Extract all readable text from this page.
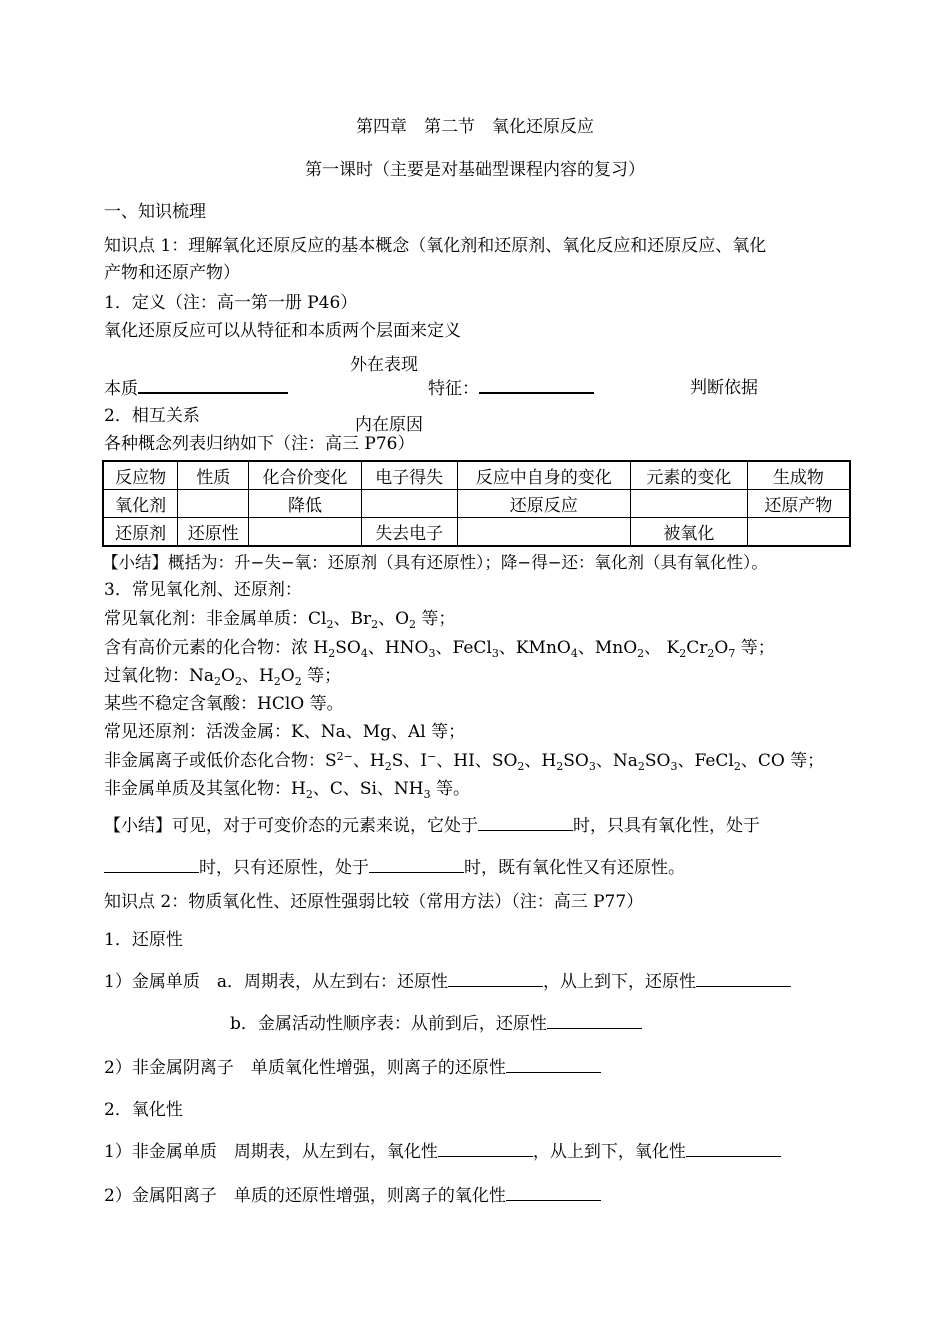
第四章　第二节　氧化还原反应
第一课时（主要是对基础型课程内容的复习）
一、知识梳理
知识点 1：理解氧化还原反应的基本概念（氧化剂和还原剂、氧化反应和还原反应、氧化
产物和还原产物）
1．定义（注：高一第一册 P46）
氧化还原反应可以从特征和本质两个层面来定义
外在表现
本质	特征：	判断依据
2．相互关系	内在原因
各种概念列表归纳如下（注：高三 P76）
反应物	性质	化合价变化	电子得失	反应中自身的变化	元素的变化	生成物
氧化剂		降低		还原反应		还原产物
还原剂	还原性		失去电子		被氧化	
【小结】概括为：升−失−氧：还原剂（具有还原性）；降−得−还：氧化剂（具有氧化性）。
3．常见氧化剂、还原剂：
常见氧化剂：非金属单质：$Cl_2$、$Br_2$、$O_2$ 等；
含有高价元素的化合物：浓 $H_2SO_4$、$HNO_3$、FeCl$_3$、KMnO$_4$、MnO$_2$、 $K_2Cr_2O_7$ 等；
过氧化物：$Na_2O_2$、$H_2O_2$ 等；
某些不稳定含氧酸：HClO 等。
常见还原剂：活泼金属：K、Na、Mg、Al 等；
非金属离子或低价态化合物：$S^{2-}$、$H_2S$、I−、HI、$SO_2$、$H_2SO_3$、$Na_2SO_3$、FeCl$_2$、CO 等；
非金属单质及其氢化物：$H_2$、C、Si、$NH_3$ 等。
【小结】可见，对于可变价态的元素来说，它处于	时，只具有氧化性，处于
时，只有还原性，处于	时，既有氧化性又有还原性。
知识点 2：物质氧化性、还原性强弱比较（常用方法）（注：高三 P77）
1．还原性
1）金属单质　a．周期表，从左到右：还原性	，从上到下，还原性
b．金属活动性顺序表：从前到后，还原性
2）非金属阴离子　单质氧化性增强，则离子的还原性
2．氧化性
1）非金属单质　周期表，从左到右，氧化性	，从上到下，氧化性
2）金属阳离子　单质的还原性增强，则离子的氧化性
